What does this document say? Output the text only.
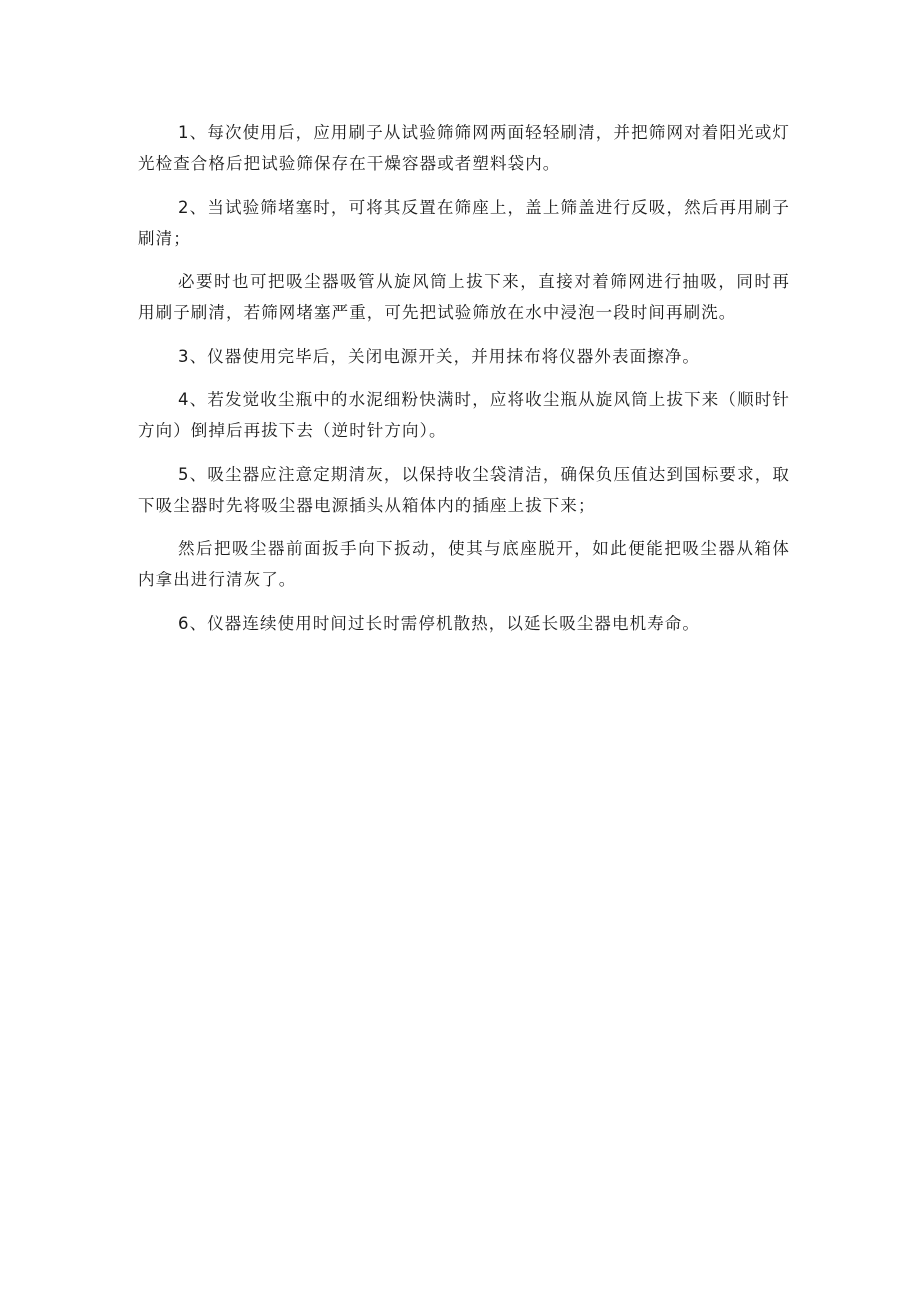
1、每次使用后，应用刷子从试验筛筛网两面轻轻刷清，并把筛网对着阳光或灯光检查合格后把试验筛保存在干燥容器或者塑料袋内。

2、当试验筛堵塞时，可将其反置在筛座上，盖上筛盖进行反吸，然后再用刷子刷清；

必要时也可把吸尘器吸管从旋风筒上拔下来，直接对着筛网进行抽吸，同时再用刷子刷清，若筛网堵塞严重，可先把试验筛放在水中浸泡一段时间再刷洗。

3、仪器使用完毕后，关闭电源开关，并用抹布将仪器外表面擦净。

4、若发觉收尘瓶中的水泥细粉快满时，应将收尘瓶从旋风筒上拔下来（顺时针方向）倒掉后再拔下去（逆时针方向）。

5、吸尘器应注意定期清灰，以保持收尘袋清洁，确保负压值达到国标要求，取下吸尘器时先将吸尘器电源插头从箱体内的插座上拔下来；

然后把吸尘器前面扳手向下扳动，使其与底座脱开，如此便能把吸尘器从箱体内拿出进行清灰了。

6、仪器连续使用时间过长时需停机散热，以延长吸尘器电机寿命。
